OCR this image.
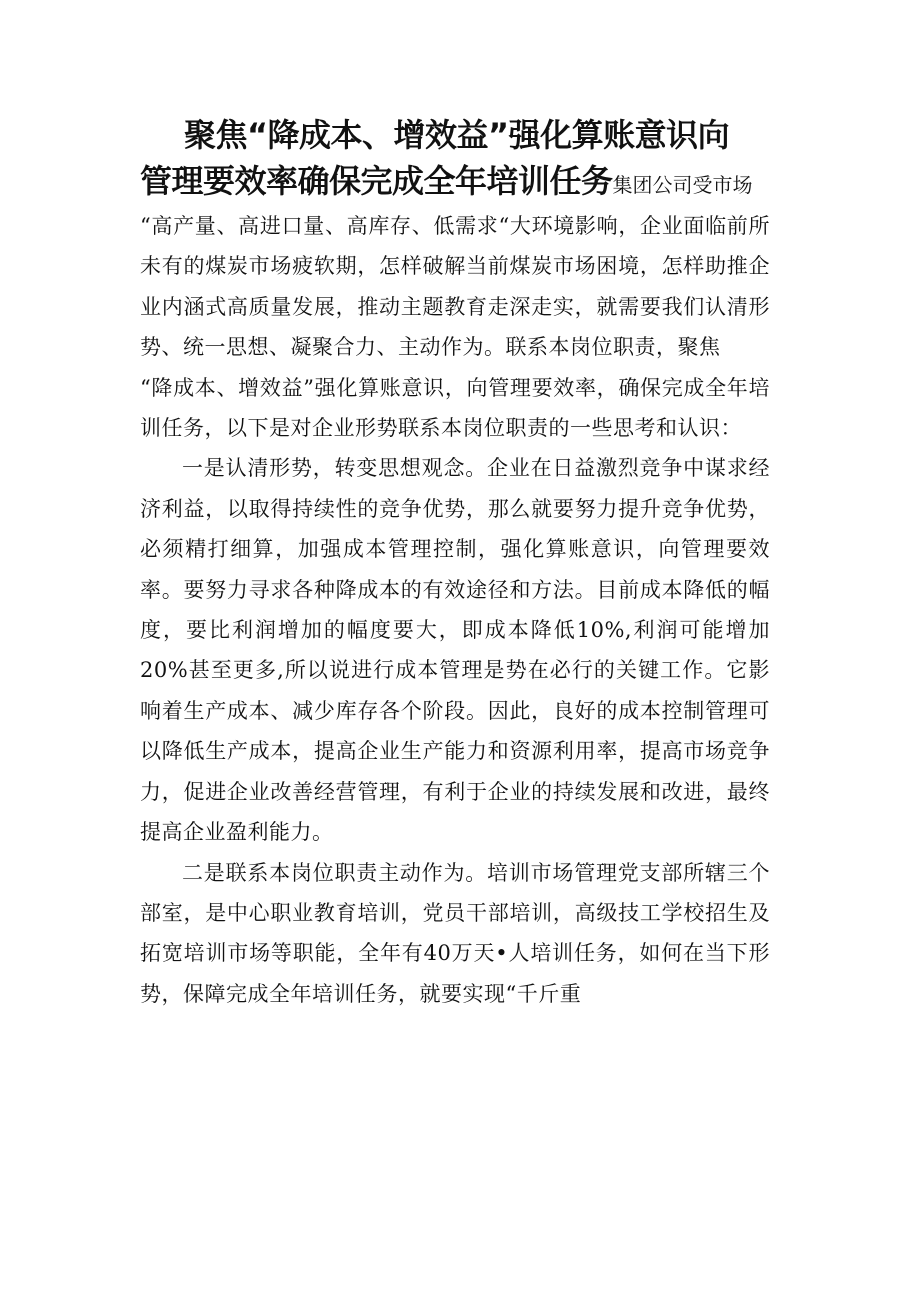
聚焦“降成本、增效益”强化算账意识向
管理要效率确保完成全年培训任务集团公司受市场

“高产量、高进口量、高库存、低需求“大环境影响，企业面临前所未有的煤炭市场疲软期，怎样破解当前煤炭市场困境，怎样助推企业内涵式高质量发展，推动主题教育走深走实，就需要我们认清形势、统一思想、凝聚合力、主动作为。联系本岗位职责，聚焦

“降成本、增效益”强化算账意识，向管理要效率，确保完成全年培训任务，以下是对企业形势联系本岗位职责的一些思考和认识：

一是认清形势，转变思想观念。企业在日益激烈竞争中谋求经济利益，以取得持续性的竞争优势，那么就要努力提升竞争优势，必须精打细算，加强成本管理控制，强化算账意识，向管理要效率。要努力寻求各种降成本的有效途径和方法。目前成本降低的幅度，要比利润增加的幅度要大，即成本降低10%,利润可能增加20%甚至更多,所以说进行成本管理是势在必行的关键工作。它影响着生产成本、减少库存各个阶段。因此，良好的成本控制管理可以降低生产成本，提高企业生产能力和资源利用率，提高市场竞争力，促进企业改善经营管理，有利于企业的持续发展和改进，最终提高企业盈利能力。

二是联系本岗位职责主动作为。培训市场管理党支部所辖三个部室，是中心职业教育培训，党员干部培训，高级技工学校招生及拓宽培训市场等职能，全年有40万天•人培训任务，如何在当下形势，保障完成全年培训任务，就要实现“千斤重
